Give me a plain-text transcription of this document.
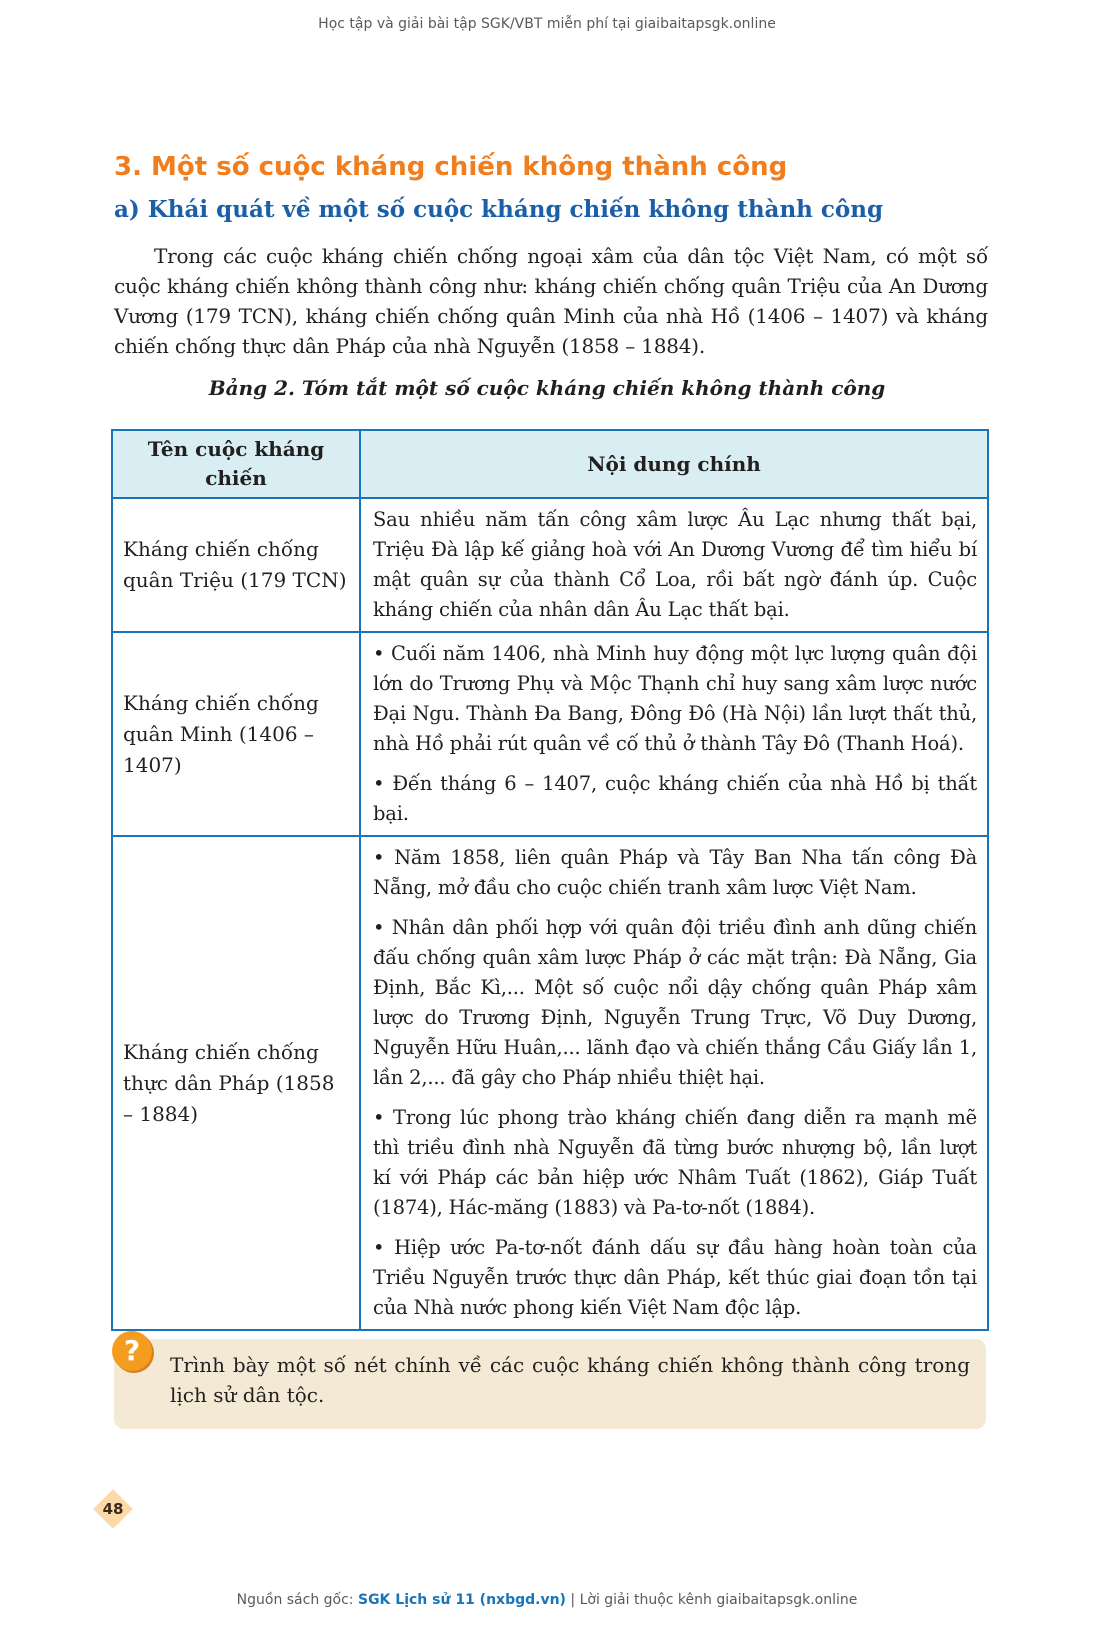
Học tập và giải bài tập SGK/VBT miễn phí tại giaibaitapsgk.online
3. Một số cuộc kháng chiến không thành công
a) Khái quát về một số cuộc kháng chiến không thành công

Trong các cuộc kháng chiến chống ngoại xâm của dân tộc Việt Nam, có một số cuộc kháng chiến không thành công như: kháng chiến chống quân Triệu của An Dương Vương (179 TCN), kháng chiến chống quân Minh của nhà Hồ (1406 – 1407) và kháng chiến chống thực dân Pháp của nhà Nguyễn (1858 – 1884).

Bảng 2. Tóm tắt một số cuộc kháng chiến không thành công

Tên cuộc kháng chiến	Nội dung chính
Kháng chiến chống quân Triệu (179 TCN)	Sau nhiều năm tấn công xâm lược Âu Lạc nhưng thất bại, Triệu Đà lập kế giảng hoà với An Dương Vương để tìm hiểu bí mật quân sự của thành Cổ Loa, rồi bất ngờ đánh úp. Cuộc kháng chiến của nhân dân Âu Lạc thất bại.

Kháng chiến chống quân Minh (1406 – 1407)	• Cuối năm 1406, nhà Minh huy động một lực lượng quân đội lớn do Trương Phụ và Mộc Thạnh chỉ huy sang xâm lược nước Đại Ngu. Thành Đa Bang, Đông Đô (Hà Nội) lần lượt thất thủ, nhà Hồ phải rút quân về cố thủ ở thành Tây Đô (Thanh Hoá).

• Đến tháng 6 – 1407, cuộc kháng chiến của nhà Hồ bị thất bại.

Kháng chiến chống thực dân Pháp (1858 – 1884)	• Năm 1858, liên quân Pháp và Tây Ban Nha tấn công Đà Nẵng, mở đầu cho cuộc chiến tranh xâm lược Việt Nam.

• Nhân dân phối hợp với quân đội triều đình anh dũng chiến đấu chống quân xâm lược Pháp ở các mặt trận: Đà Nẵng, Gia Định, Bắc Kì,... Một số cuộc nổi dậy chống quân Pháp xâm lược do Trương Định, Nguyễn Trung Trực, Võ Duy Dương, Nguyễn Hữu Huân,... lãnh đạo và chiến thắng Cầu Giấy lần 1, lần 2,... đã gây cho Pháp nhiều thiệt hại.

• Trong lúc phong trào kháng chiến đang diễn ra mạnh mẽ thì triều đình nhà Nguyễn đã từng bước nhượng bộ, lần lượt kí với Pháp các bản hiệp ước Nhâm Tuất (1862), Giáp Tuất (1874), Hác-măng (1883) và Pa-tơ-nốt (1884).

• Hiệp ước Pa-tơ-nốt đánh dấu sự đầu hàng hoàn toàn của Triều Nguyễn trước thực dân Pháp, kết thúc giai đoạn tồn tại của Nhà nước phong kiến Việt Nam độc lập.

?	Trình bày một số nét chính về các cuộc kháng chiến không thành công trong lịch sử dân tộc.

48
Nguồn sách gốc: SGK Lịch sử 11 (nxbgd.vn) | Lời giải thuộc kênh giaibaitapsgk.online
